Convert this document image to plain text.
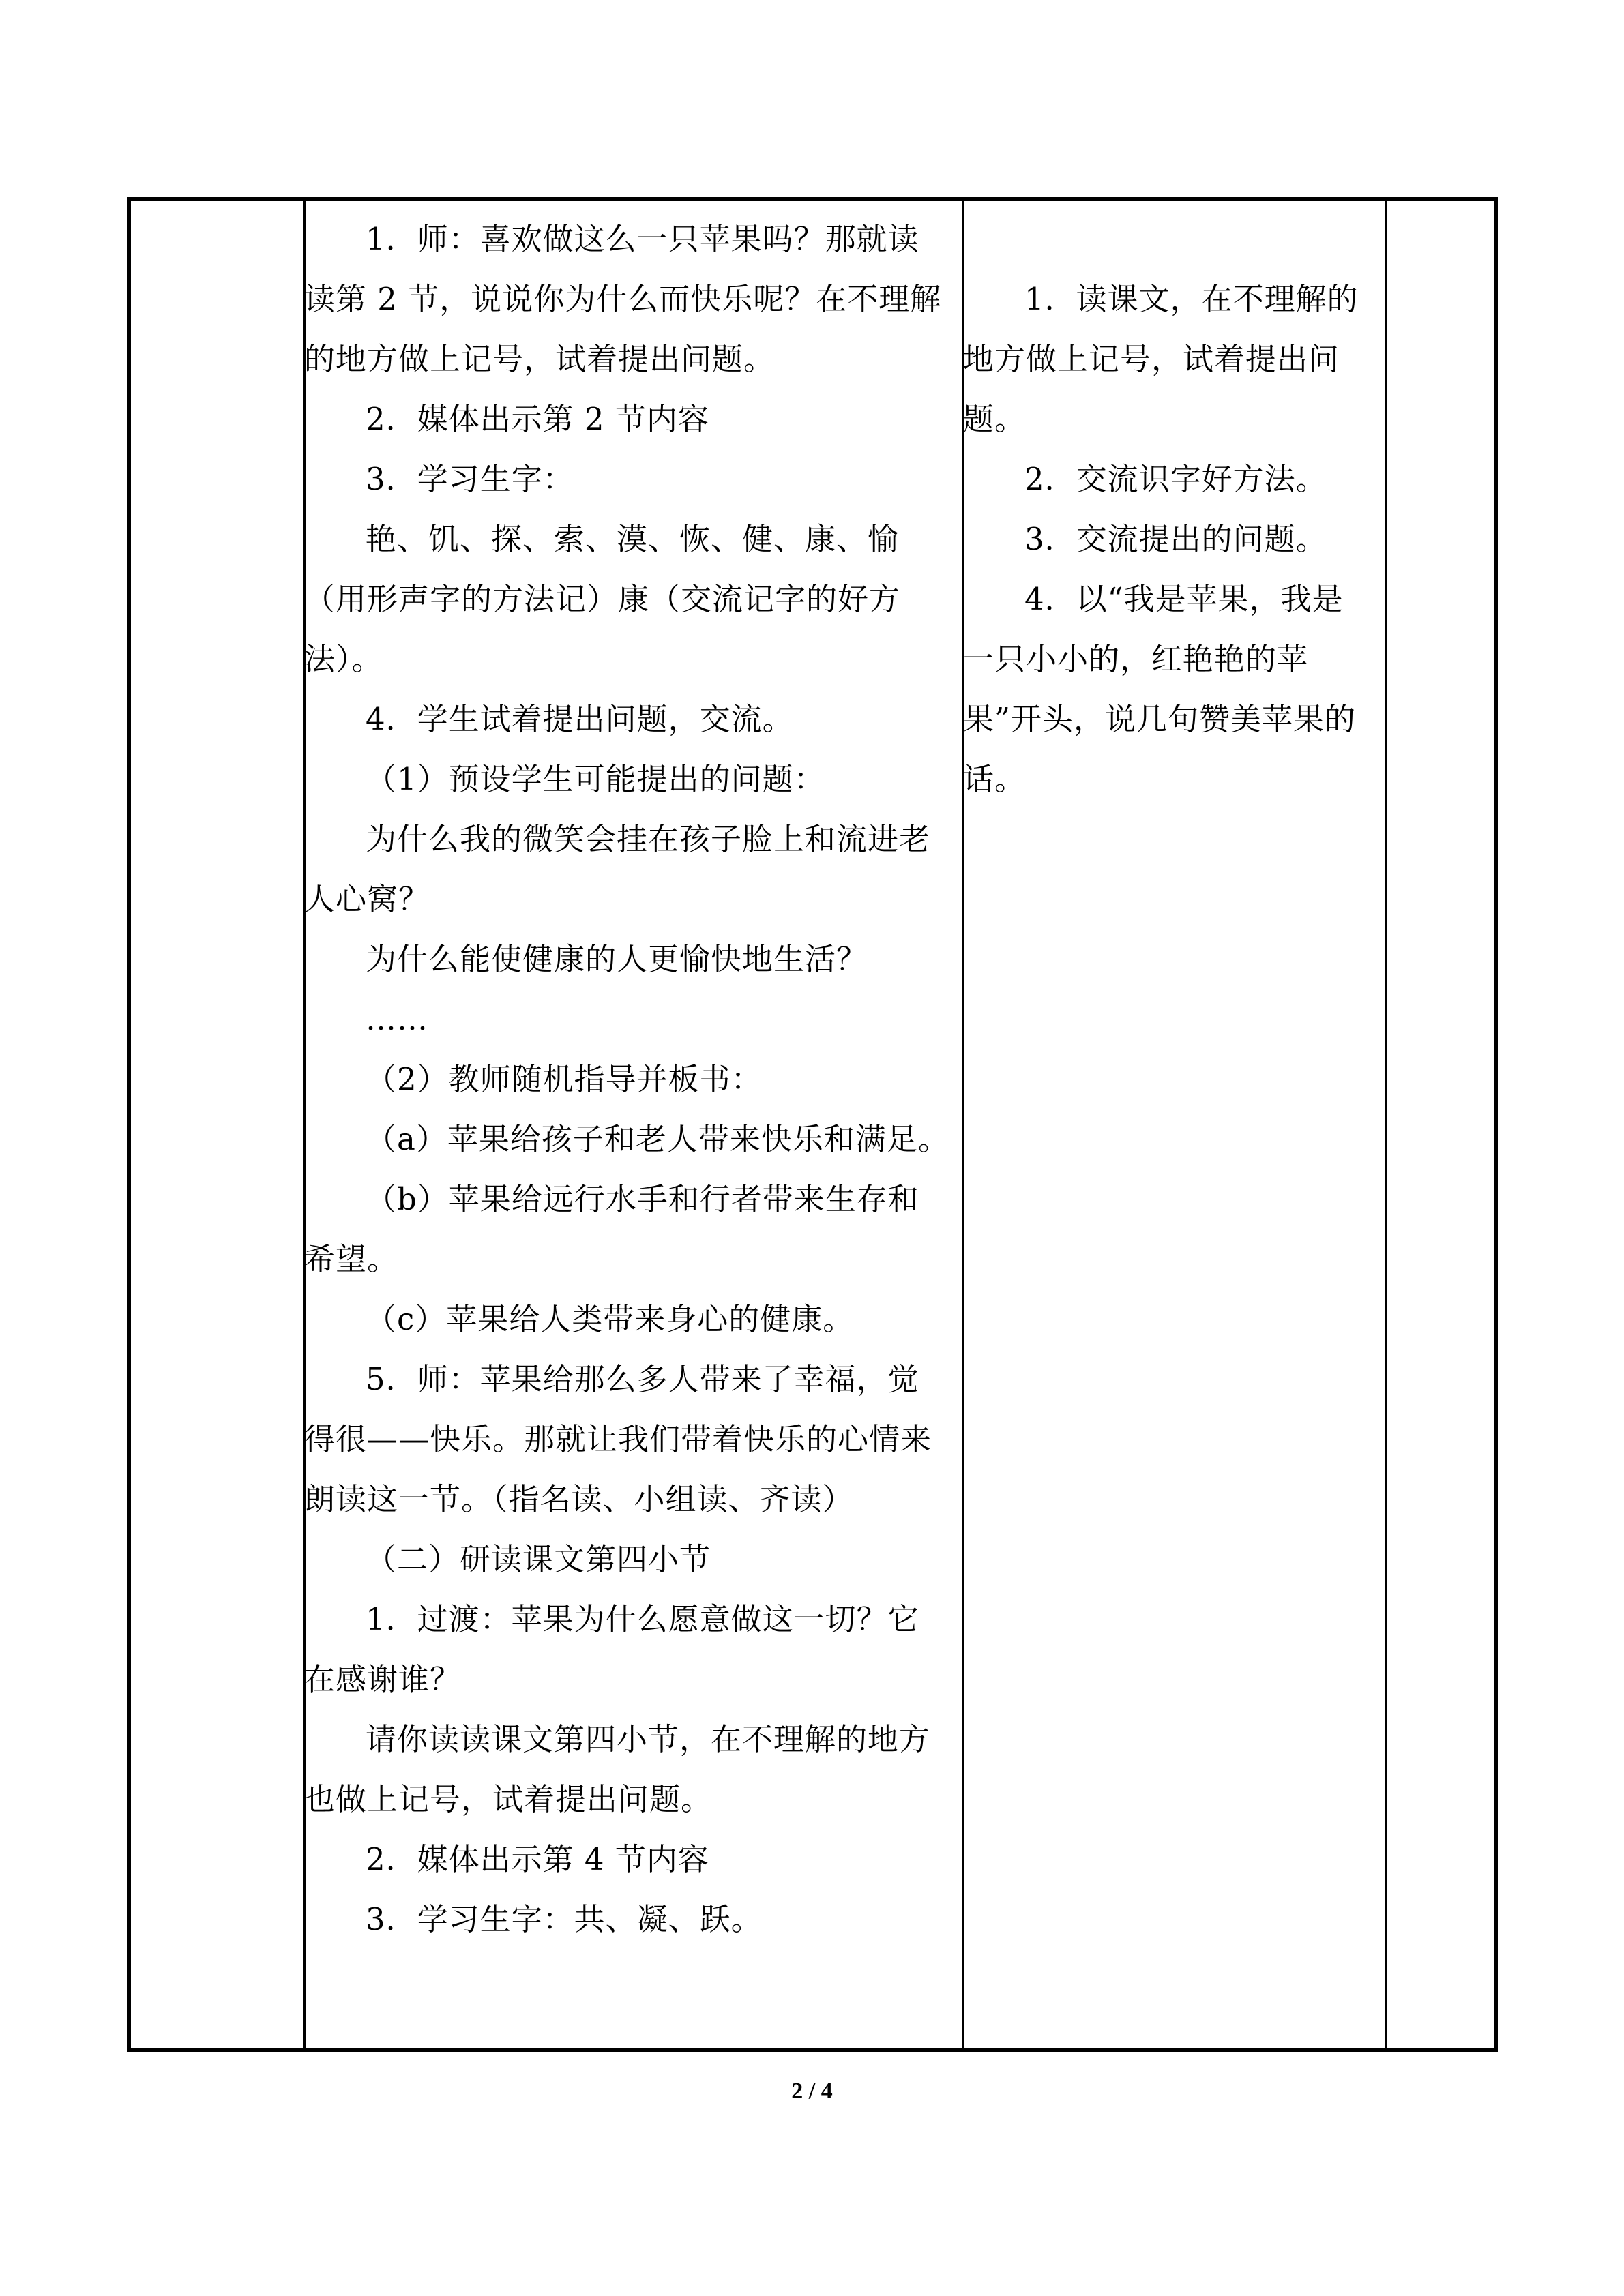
1．师：喜欢做这么一只苹果吗？那就读读第 2 节，说说你为什么而快乐呢？在不理解的地方做上记号，试着提出问题。

2．媒体出示第 2 节内容

3．学习生字：

艳、饥、探、索、漠、恢、健、康、愉（用形声字的方法记）康（交流记字的好方法）。

4．学生试着提出问题，交流。

（1）预设学生可能提出的问题：

为什么我的微笑会挂在孩子脸上和流进老人心窝？

为什么能使健康的人更愉快地生活？

……

（2）教师随机指导并板书：

（a）苹果给孩子和老人带来快乐和满足。

（b）苹果给远行水手和行者带来生存和希望。

（c）苹果给人类带来身心的健康。

5．师：苹果给那么多人带来了幸福，觉得很——快乐。那就让我们带着快乐的心情来朗读这一节。（指名读、小组读、齐读）

（二）研读课文第四小节

1．过渡：苹果为什么愿意做这一切？它在感谢谁？

请你读读课文第四小节，在不理解的地方也做上记号，试着提出问题。

2．媒体出示第 4 节内容

3．学习生字：共、凝、跃。

1．读课文，在不理解的地方做上记号，试着提出问题。

2．交流识字好方法。

3．交流提出的问题。

4．以“我是苹果，我是一只小小的，红艳艳的苹果”开头，说几句赞美苹果的话。

2 / 4
